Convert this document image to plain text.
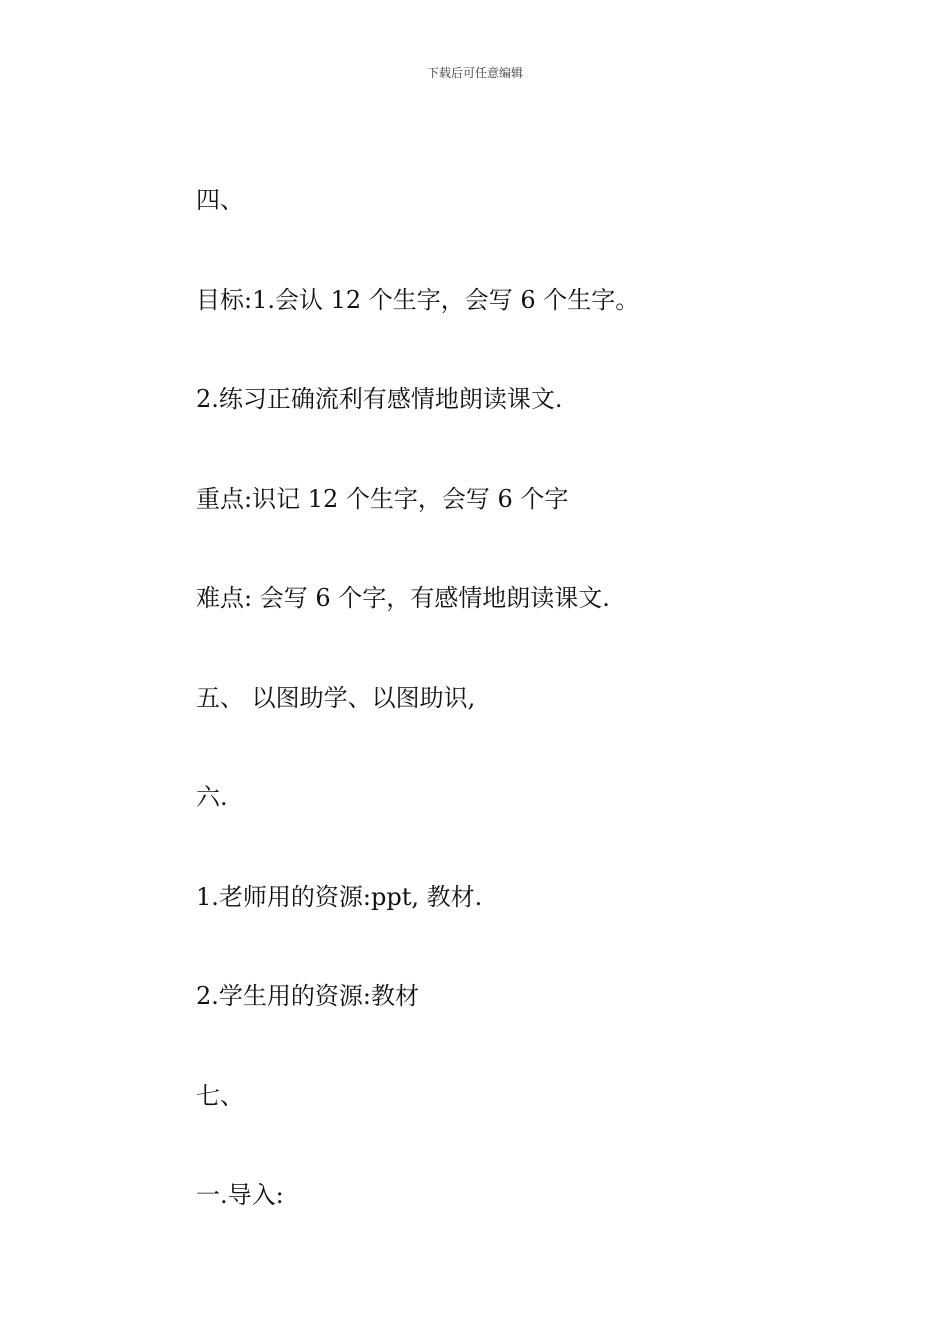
下载后可任意编辑
四、
目标:1.会认 12 个生字，会写 6 个生字。
2.练习正确流利有感情地朗读课文.
重点:识记 12 个生字，会写 6 个字
难点: 会写 6 个字，有感情地朗读课文.
五、 以图助学、以图助识,
六.
1.老师用的资源:ppt, 教材.
2.学生用的资源:教材
七、
一.导入:
